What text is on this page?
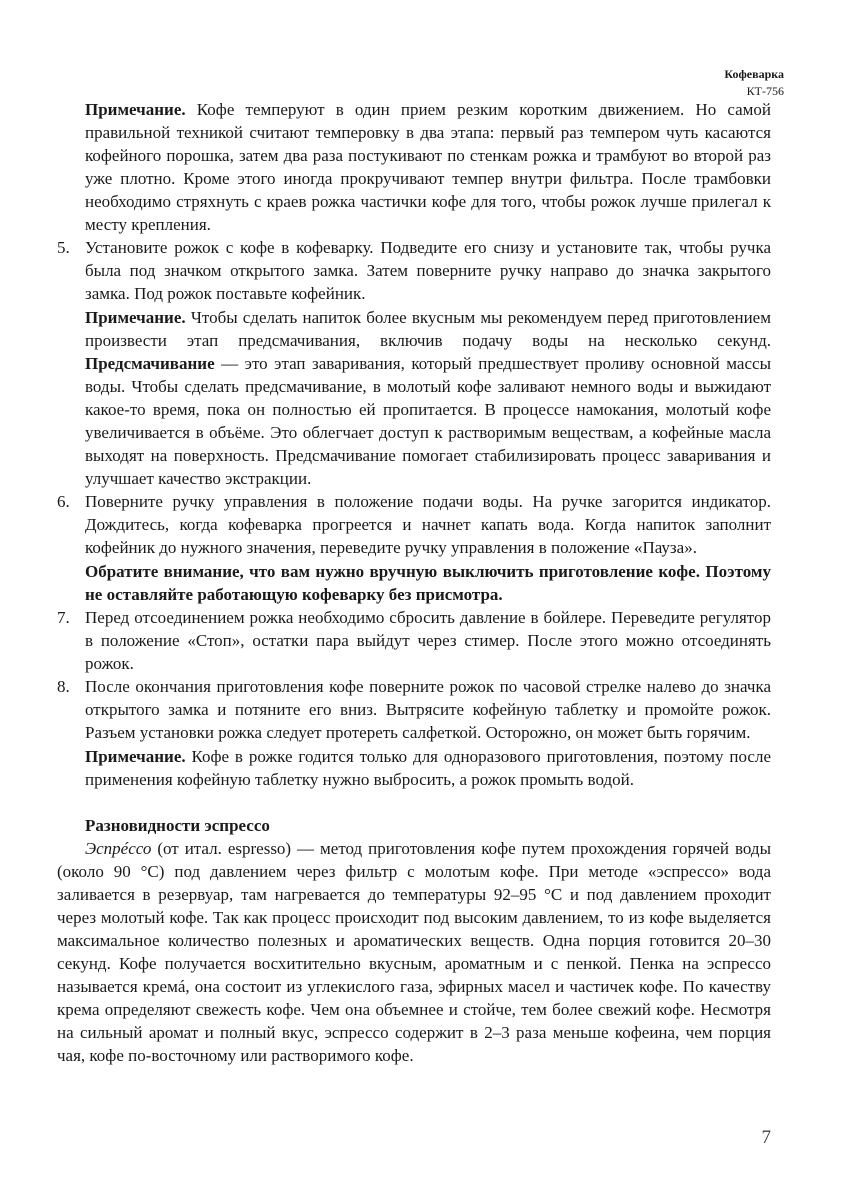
Кофеварка
КТ-756

Примечание. Кофе темперуют в один прием резким коротким движением. Но самой правильной техникой считают темперовку в два этапа: первый раз темпером чуть касаются кофейного порошка, затем два раза постукивают по стенкам рожка и трамбуют во второй раз уже плотно. Кроме этого иногда прокручивают темпер внутри фильтра. После трамбовки необходимо стряхнуть с краев рожка частички кофе для того, чтобы рожок лучше прилегал к месту крепления.

5. Установите рожок с кофе в кофеварку. Подведите его снизу и установите так, чтобы ручка была под значком открытого замка. Затем поверните ручку направо до значка закрытого замка. Под рожок поставьте кофейник.

Примечание. Чтобы сделать напиток более вкусным мы рекомендуем перед приготовлением произвести этап предсмачивания, включив подачу воды на несколько секунд. Предсмачивание — это этап заваривания, который предшествует проливу основной массы воды. Чтобы сделать предсмачивание, в молотый кофе заливают немного воды и выжидают какое-то время, пока он полностью ей пропитается. В процессе намокания, молотый кофе увеличивается в объёме. Это облегчает доступ к растворимым веществам, а кофейные масла выходят на поверхность. Предсмачивание помогает стабилизировать процесс заваривания и улучшает качество экстракции.

6. Поверните ручку управления в положение подачи воды. На ручке загорится индикатор. Дождитесь, когда кофеварка прогреется и начнет капать вода. Когда напиток заполнит кофейник до нужного значения, переведите ручку управления в положение «Пауза».

Обратите внимание, что вам нужно вручную выключить приготовление кофе. Поэтому не оставляйте работающую кофеварку без присмотра.

7. Перед отсоединением рожка необходимо сбросить давление в бойлере. Переведите регулятор в положение «Стоп», остатки пара выйдут через стимер. После этого можно отсоединять рожок.

8. После окончания приготовления кофе поверните рожок по часовой стрелке налево до значка открытого замка и потяните его вниз. Вытрясите кофейную таблетку и промойте рожок. Разъем установки рожка следует протереть салфеткой. Осторожно, он может быть горячим.

Примечание. Кофе в рожке годится только для одноразового приготовления, поэтому после применения кофейную таблетку нужно выбросить, а рожок промыть водой.

Разновидности эспрессо

Эспрéссо (от итал. espresso) — метод приготовления кофе путем прохождения горячей воды (около 90 °С) под давлением через фильтр с молотым кофе. При методе «эспрессо» вода заливается в резервуар, там нагревается до температуры 92–95 °С и под давлением проходит через молотый кофе. Так как процесс происходит под высоким давлением, то из кофе выделяется максимальное количество полезных и ароматических веществ. Одна порция готовится 20–30 секунд. Кофе получается восхитительно вкусным, ароматным и с пенкой. Пенка на эспрессо называется кремá, она состоит из углекислого газа, эфирных масел и частичек кофе. По качеству крема определяют свежесть кофе. Чем она объемнее и стойче, тем более свежий кофе. Несмотря на сильный аромат и полный вкус, эспрессо содержит в 2–3 раза меньше кофеина, чем порция чая, кофе по-восточному или растворимого кофе.

7
